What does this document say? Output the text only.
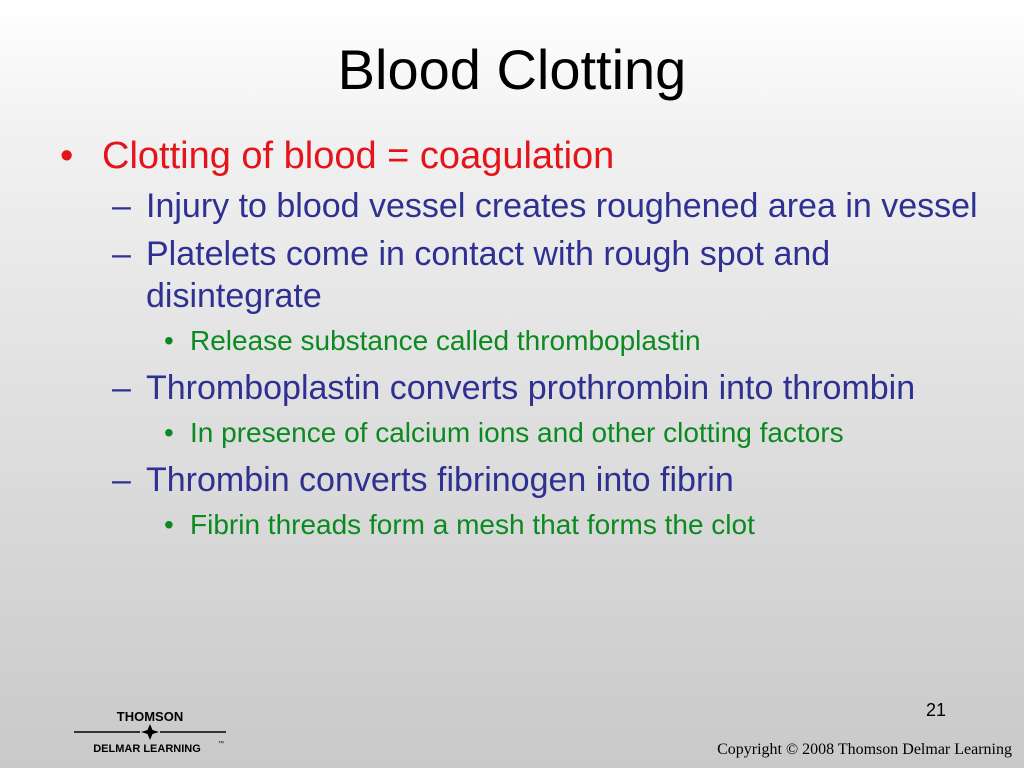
Blood Clotting
• Clotting of blood = coagulation
– Injury to blood vessel creates roughened area in vessel
– Platelets come in contact with rough spot and disintegrate
• Release substance called thromboplastin
– Thromboplastin converts prothrombin into thrombin
• In presence of calcium ions and other clotting factors
– Thrombin converts fibrinogen into fibrin
• Fibrin threads form a mesh that forms the clot
21
THOMSON
DELMAR LEARNING	™	Copyright © 2008 Thomson Delmar Learning
